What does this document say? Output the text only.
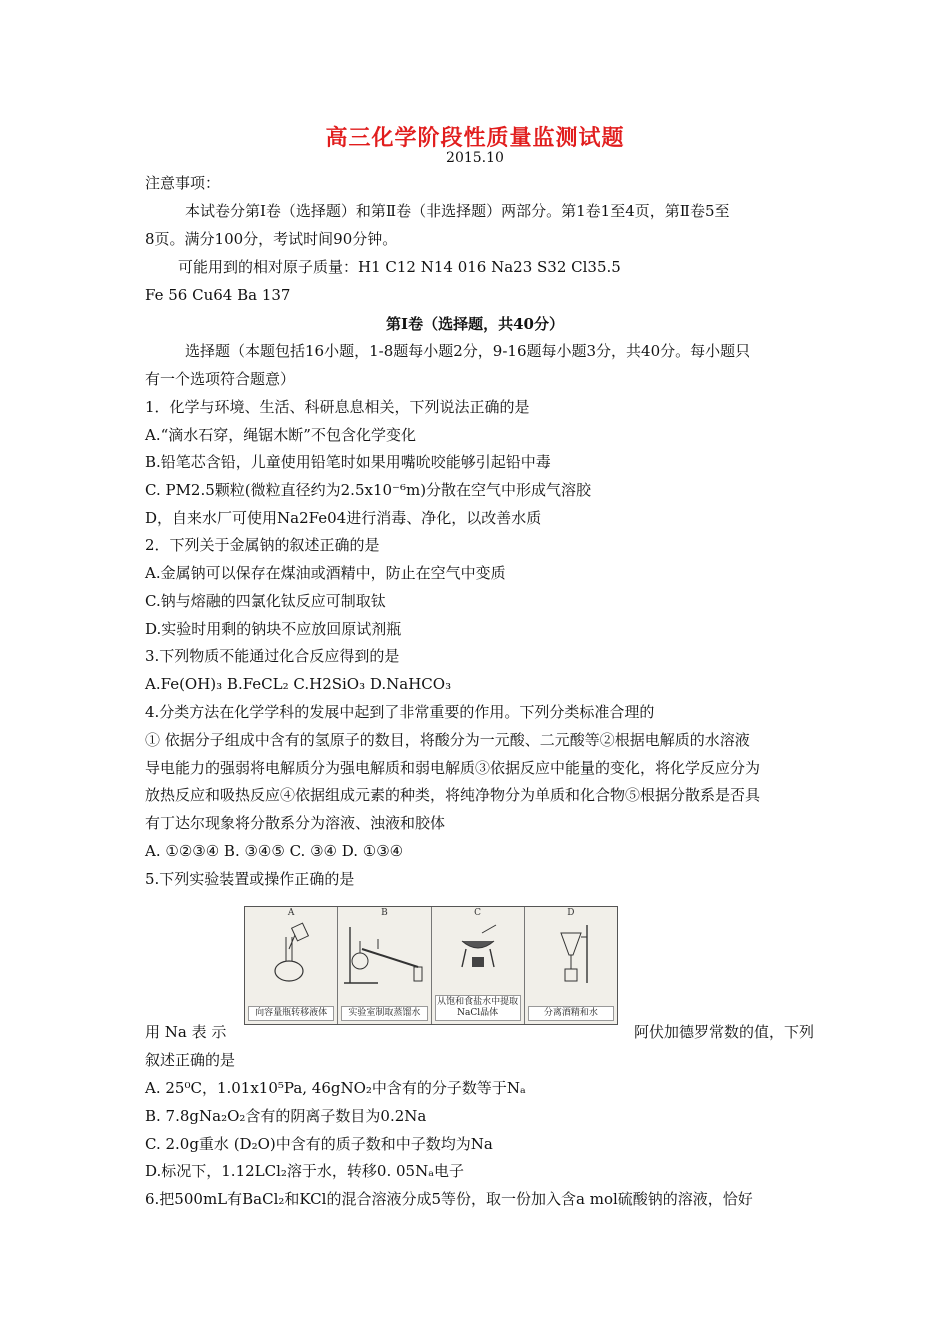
高三化学阶段性质量监测试题
2015.10
注意事项：
本试卷分第Ⅰ卷（选择题）和第Ⅱ卷（非选择题）两部分。第1卷1至4页，第Ⅱ卷5至
8页。满分100分，考试时间90分钟。
可能用到的相对原子质量：H1 C12 N14 016 Na23 S32 Cl35.5
Fe 56 Cu64 Ba 137
第Ⅰ卷（选择题，共40分）
选择题（本题包括16小题，1-8题每小题2分，9-16题每小题3分，共40分。每小题只
有一个选项符合题意）
1．化学与环境、生活、科研息息相关，下列说法正确的是
A.“滴水石穿，绳锯木断”不包含化学变化
B.铅笔芯含铅，儿童使用铅笔时如果用嘴吮咬能够引起铅中毒
C. PM2.5颗粒(微粒直径约为2.5x10⁻⁶m)分散在空气中形成气溶胶
D，自来水厂可使用Na2Fe04进行消毒、净化，以改善水质
2．下列关于金属钠的叙述正确的是
A.金属钠可以保存在煤油或酒精中，防止在空气中变质
C.钠与熔融的四氯化钛反应可制取钛
D.实验时用剩的钠块不应放回原试剂瓶
3.下列物质不能通过化合反应得到的是
A.Fe(OH)₃ B.FeCL₂ C.H2SiO₃ D.NaHCO₃
4.分类方法在化学学科的发展中起到了非常重要的作用。下列分类标准合理的
① 依据分子组成中含有的氢原子的数目，将酸分为一元酸、二元酸等②根据电解质的水溶液
导电能力的强弱将电解质分为强电解质和弱电解质③依据反应中能量的变化，将化学反应分为
放热反应和吸热反应④依据组成元素的种类，将纯净物分为单质和化合物⑤根据分散系是否具
有丁达尔现象将分散系分为溶液、浊液和胶体
A. ①②③④ B. ③④⑤ C. ③④ D. ①③④
5.下列实验装置或操作正确的是
A
向容量瓶转移液体
B
实验室制取蒸馏水
C
从饱和食盐水中提取NaCl晶体
D
分离酒精和水
用 Na 表 示	阿伏加德罗常数的值，下列
叙述正确的是
A. 25⁰C，1.01x10⁵Pa, 46gNO₂中含有的分子数等于Nₐ
B. 7.8gNa₂O₂含有的阴离子数目为0.2Na
C. 2.0g重水 (D₂O)中含有的质子数和中子数均为Na
D.标况下，1.12LCl₂溶于水，转移0. 05Nₐ电子
6.把500mL有BaCl₂和KCl的混合溶液分成5等份，取一份加入含a mol硫酸钠的溶液，恰好
